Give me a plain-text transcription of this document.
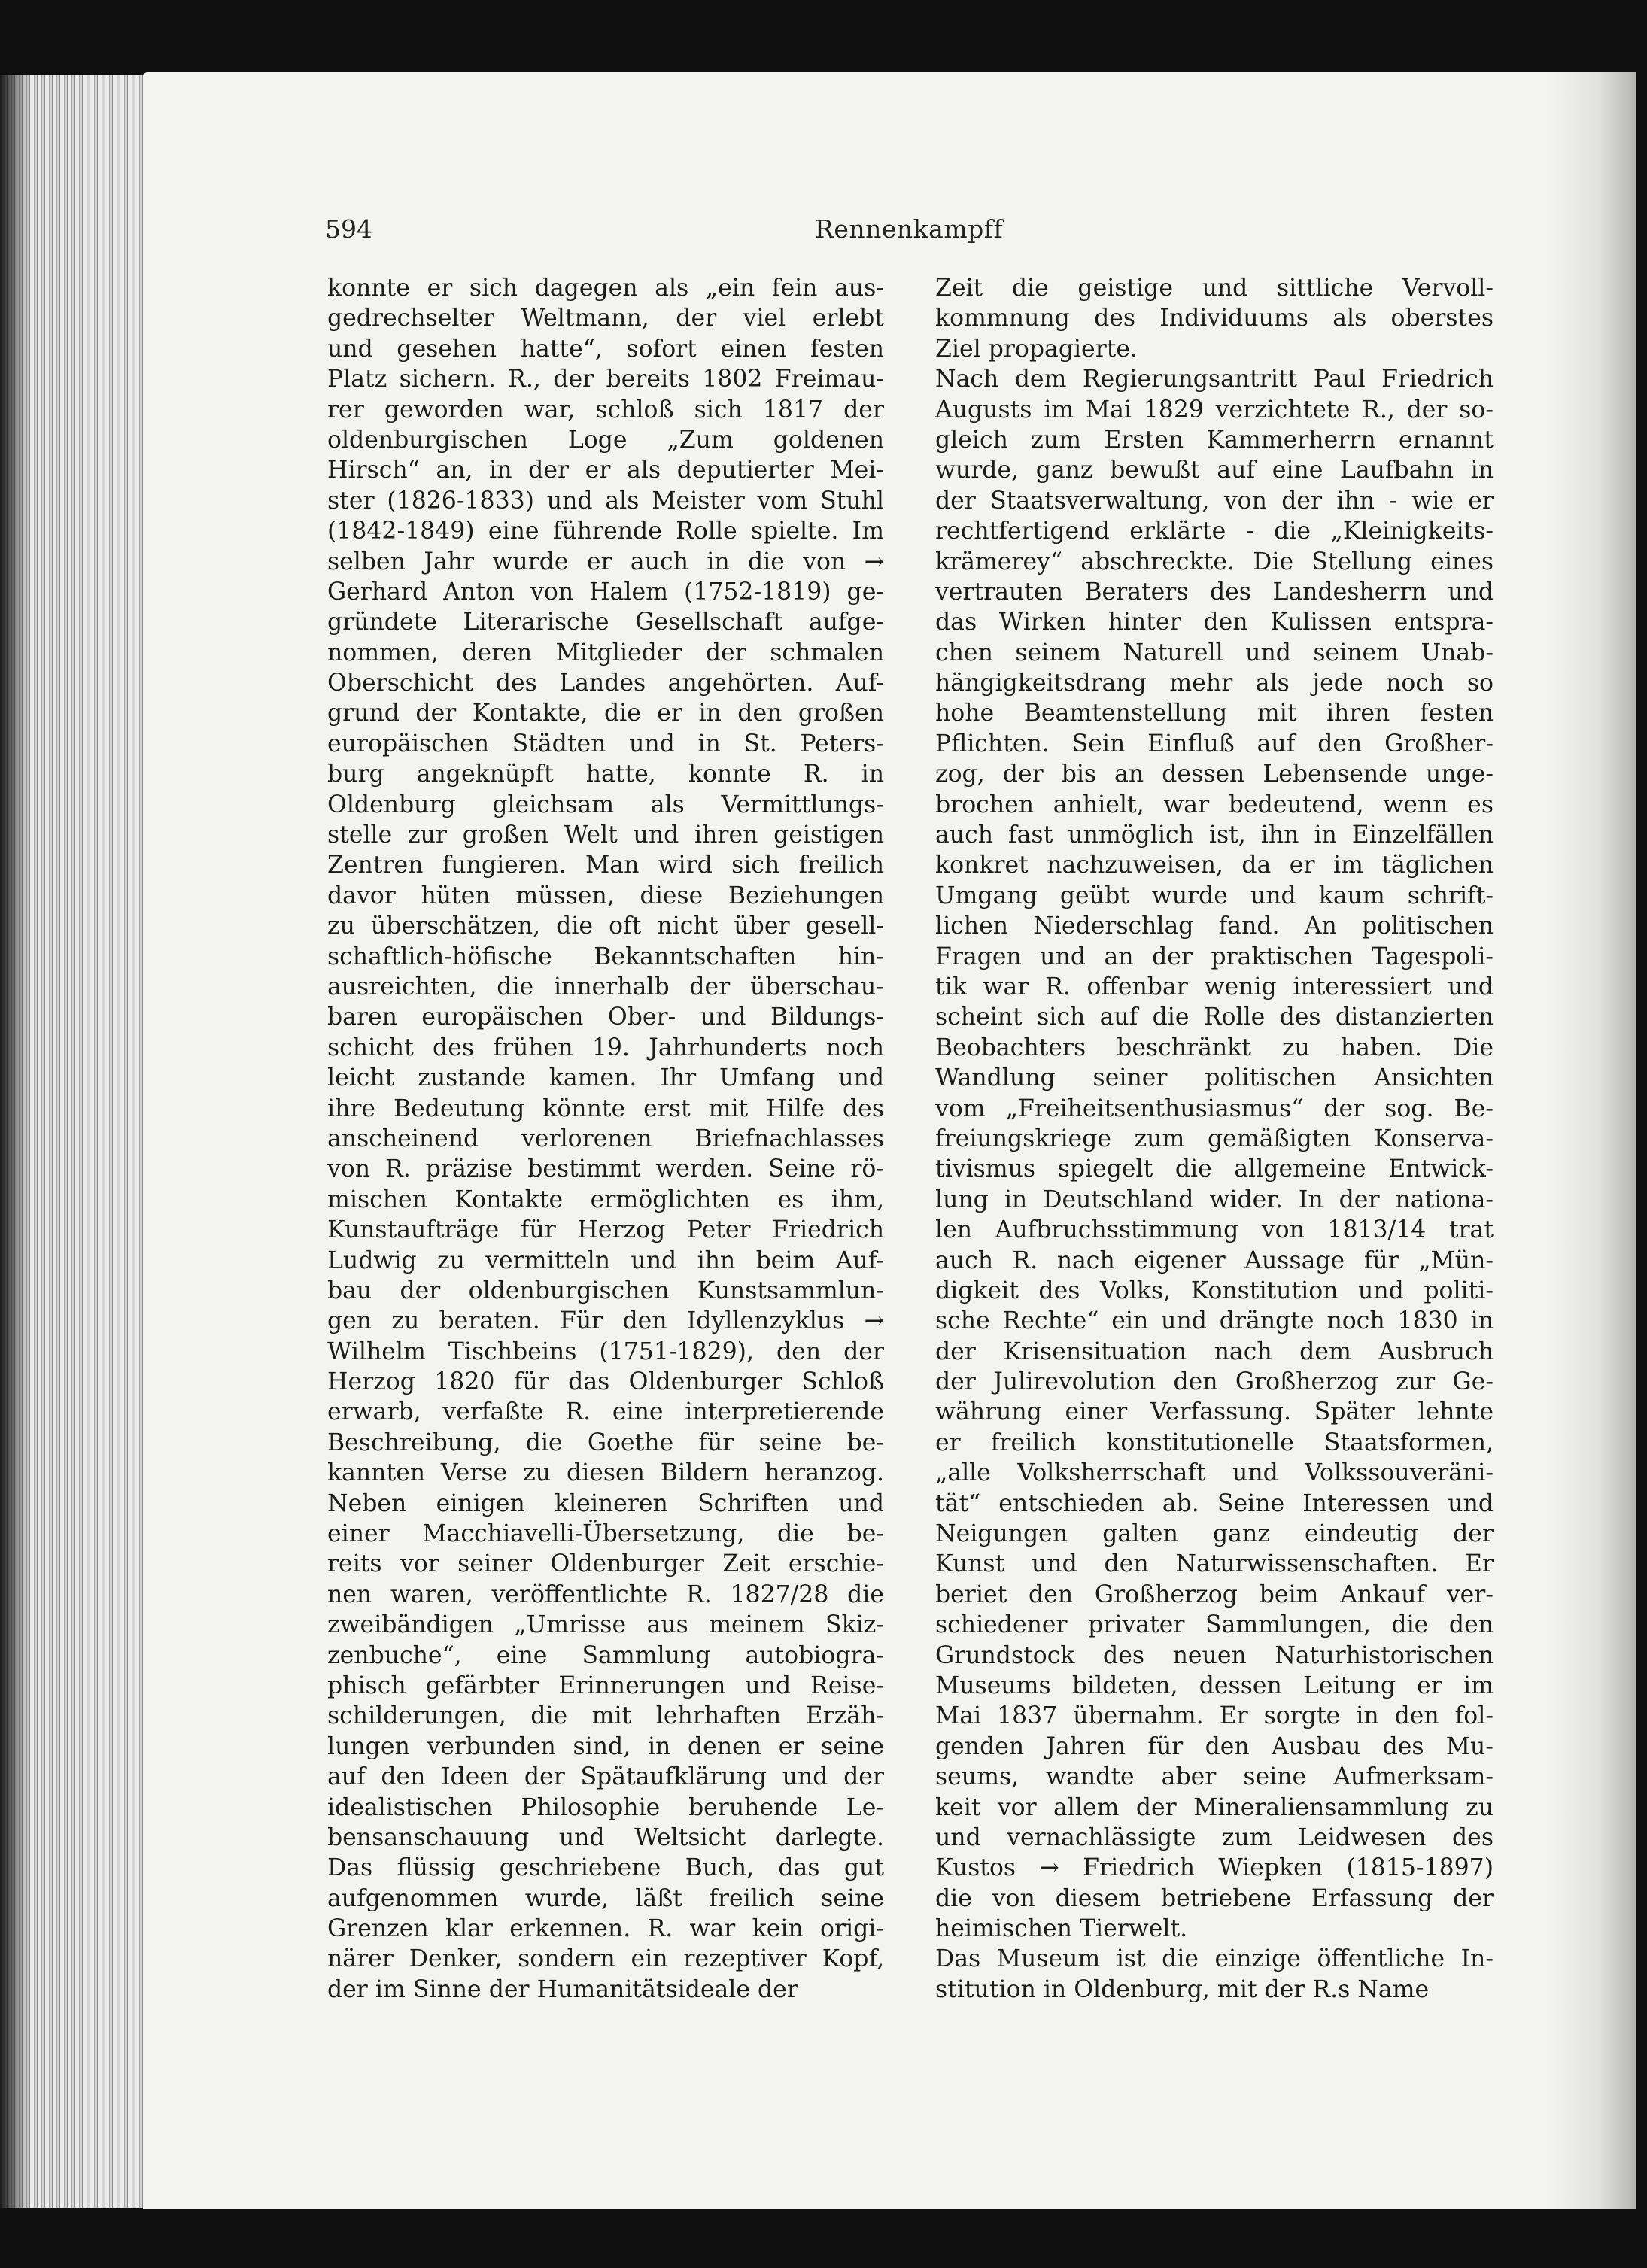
594	Rennenkampff
konnte er sich dagegen als „ein fein aus-
gedrechselter Weltmann, der viel erlebt
und gesehen hatte“, sofort einen festen
Platz sichern. R., der bereits 1802 Freimau-
rer geworden war, schloß sich 1817 der
oldenburgischen Loge „Zum goldenen
Hirsch“ an, in der er als deputierter Mei-
ster (1826-1833) und als Meister vom Stuhl
(1842-1849) eine führende Rolle spielte. Im
selben Jahr wurde er auch in die von →
Gerhard Anton von Halem (1752-1819) ge-
gründete Literarische Gesellschaft aufge-
nommen, deren Mitglieder der schmalen
Oberschicht des Landes angehörten. Auf-
grund der Kontakte, die er in den großen
europäischen Städten und in St. Peters-
burg angeknüpft hatte, konnte R. in
Oldenburg gleichsam als Vermittlungs-
stelle zur großen Welt und ihren geistigen
Zentren fungieren. Man wird sich freilich
davor hüten müssen, diese Beziehungen
zu überschätzen, die oft nicht über gesell-
schaftlich-höfische Bekanntschaften hin-
ausreichten, die innerhalb der überschau-
baren europäischen Ober- und Bildungs-
schicht des frühen 19. Jahrhunderts noch
leicht zustande kamen. Ihr Umfang und
ihre Bedeutung könnte erst mit Hilfe des
anscheinend verlorenen Briefnachlasses
von R. präzise bestimmt werden. Seine rö-
mischen Kontakte ermöglichten es ihm,
Kunstaufträge für Herzog Peter Friedrich
Ludwig zu vermitteln und ihn beim Auf-
bau der oldenburgischen Kunstsammlun-
gen zu beraten. Für den Idyllenzyklus →
Wilhelm Tischbeins (1751-1829), den der
Herzog 1820 für das Oldenburger Schloß
erwarb, verfaßte R. eine interpretierende
Beschreibung, die Goethe für seine be-
kannten Verse zu diesen Bildern heranzog.
Neben einigen kleineren Schriften und
einer Macchiavelli-Übersetzung, die be-
reits vor seiner Oldenburger Zeit erschie-
nen waren, veröffentlichte R. 1827/28 die
zweibändigen „Umrisse aus meinem Skiz-
zenbuche“, eine Sammlung autobiogra-
phisch gefärbter Erinnerungen und Reise-
schilderungen, die mit lehrhaften Erzäh-
lungen verbunden sind, in denen er seine
auf den Ideen der Spätaufklärung und der
idealistischen Philosophie beruhende Le-
bensanschauung und Weltsicht darlegte.
Das flüssig geschriebene Buch, das gut
aufgenommen wurde, läßt freilich seine
Grenzen klar erkennen. R. war kein origi-
närer Denker, sondern ein rezeptiver Kopf,
der im Sinne der Humanitätsideale der
Zeit die geistige und sittliche Vervoll-
kommnung des Individuums als oberstes
Ziel propagierte.
Nach dem Regierungsantritt Paul Friedrich
Augusts im Mai 1829 verzichtete R., der so-
gleich zum Ersten Kammerherrn ernannt
wurde, ganz bewußt auf eine Laufbahn in
der Staatsverwaltung, von der ihn - wie er
rechtfertigend erklärte - die „Kleinigkeits-
krämerey“ abschreckte. Die Stellung eines
vertrauten Beraters des Landesherrn und
das Wirken hinter den Kulissen entspra-
chen seinem Naturell und seinem Unab-
hängigkeitsdrang mehr als jede noch so
hohe Beamtenstellung mit ihren festen
Pflichten. Sein Einfluß auf den Großher-
zog, der bis an dessen Lebensende unge-
brochen anhielt, war bedeutend, wenn es
auch fast unmöglich ist, ihn in Einzelfällen
konkret nachzuweisen, da er im täglichen
Umgang geübt wurde und kaum schrift-
lichen Niederschlag fand. An politischen
Fragen und an der praktischen Tagespoli-
tik war R. offenbar wenig interessiert und
scheint sich auf die Rolle des distanzierten
Beobachters beschränkt zu haben. Die
Wandlung seiner politischen Ansichten
vom „Freiheitsenthusiasmus“ der sog. Be-
freiungskriege zum gemäßigten Konserva-
tivismus spiegelt die allgemeine Entwick-
lung in Deutschland wider. In der nationa-
len Aufbruchsstimmung von 1813/14 trat
auch R. nach eigener Aussage für „Mün-
digkeit des Volks, Konstitution und politi-
sche Rechte“ ein und drängte noch 1830 in
der Krisensituation nach dem Ausbruch
der Julirevolution den Großherzog zur Ge-
währung einer Verfassung. Später lehnte
er freilich konstitutionelle Staatsformen,
„alle Volksherrschaft und Volkssouveräni-
tät“ entschieden ab. Seine Interessen und
Neigungen galten ganz eindeutig der
Kunst und den Naturwissenschaften. Er
beriet den Großherzog beim Ankauf ver-
schiedener privater Sammlungen, die den
Grundstock des neuen Naturhistorischen
Museums bildeten, dessen Leitung er im
Mai 1837 übernahm. Er sorgte in den fol-
genden Jahren für den Ausbau des Mu-
seums, wandte aber seine Aufmerksam-
keit vor allem der Mineraliensammlung zu
und vernachlässigte zum Leidwesen des
Kustos → Friedrich Wiepken (1815-1897)
die von diesem betriebene Erfassung der
heimischen Tierwelt.
Das Museum ist die einzige öffentliche In-
stitution in Oldenburg, mit der R.s Name
